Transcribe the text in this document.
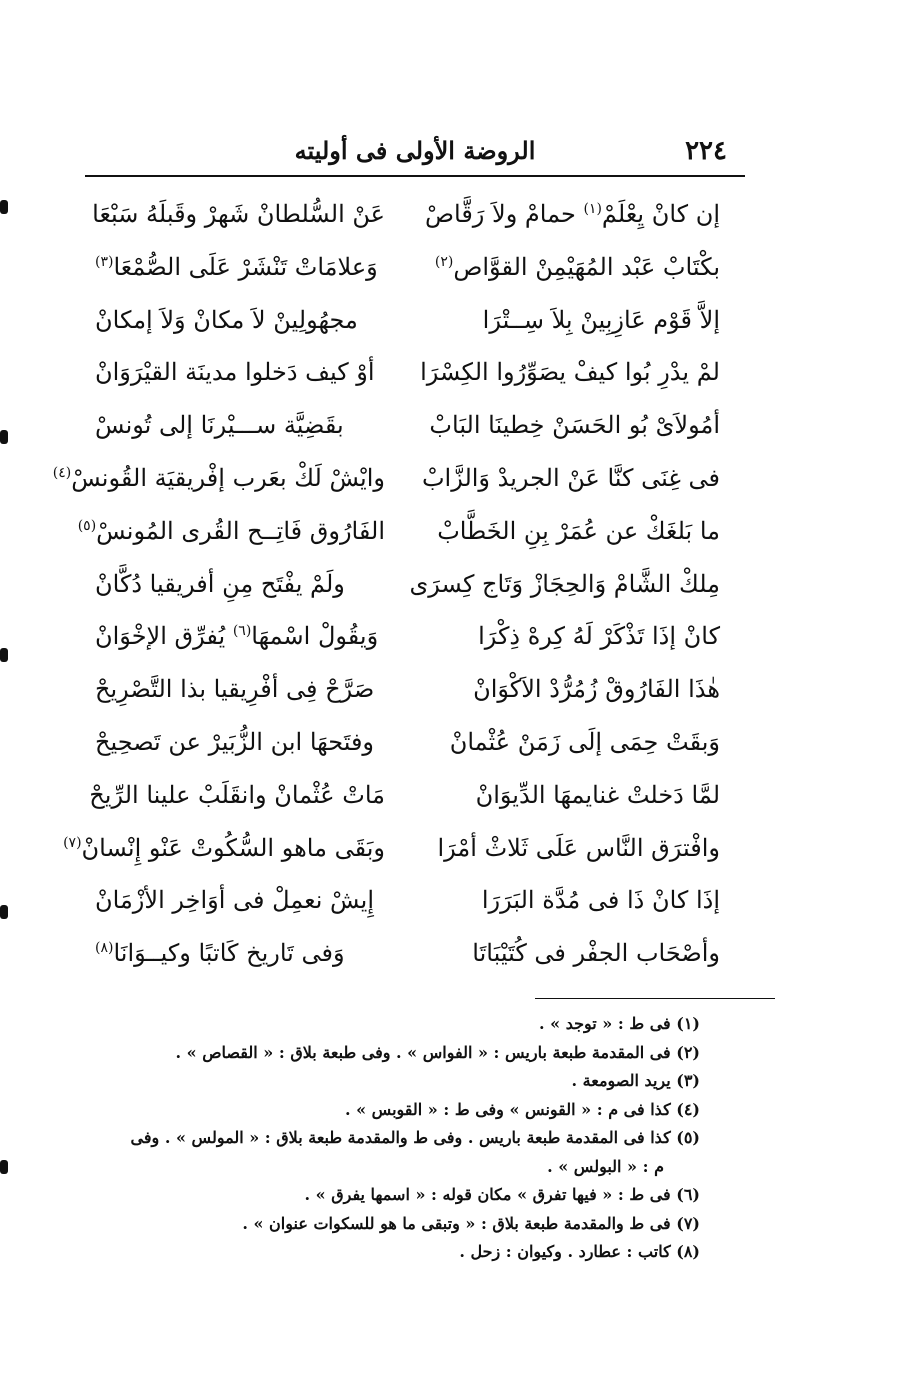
٢٢٤
الروضة الأولى فى أوليته
إن كانْ يِعْلَمْ$^{(١)}$ حمامْ ولاَ رَقَّاصْ
عَنْ السُّلطانْ شَهرْ وقَبلَهُ سَبْعَا
بكْتَابْ عَبْد المُهَيْمِنْ القوَّاص$^{(٢)}$
وَعلامَاتْ تَنْشَرْ عَلَى الصُّمْعَا$^{(٣)}$
إلاَّ قَوْم عَازِبِينْ بِلاَ سِــتْرَا
مجهُولِينْ لاَ مكانْ وَلاَ إمكانْ
لمْ يدْرِ بُوا كيفْ يصَوِّرُوا الكِسْرَا
أوْ كيف دَخلوا مدينَة القيْرَوَانْ
أمُولاَىْ بُو الحَسَنْ خِطينَا البَابْ
بقَضِيَّة ســـيْرنَا إلى تُونسْ
فى غِنَى كنَّا عَنْ الجريدْ وَالزَّابْ
وايْشْ لَكْ بعَرب إفْريقيَة القُونسْ$^{(٤)}$
ما بَلغَكْ عن عُمَرْ بِنِ الخَطَّابْ
الفَارُوق فَاتِــح القُرى المُونسْ$^{(٥)}$
مِلكْ الشَّامْ وَالحِجَازْ وَتَاج كِسرَى
ولَمْ يفْتَح مِنِ أفريقيا دُكَّانْ
كانْ إذَا تَذْكَرْ لَهُ كِرهْ ذِكْرَا
وَيقُولْ اسْمهَا$^{(٦)}$ يُفرِّق الإخْوَانْ
هٰذَا الفَارُوقْ زُمُرُّدْ الاَكْوَانْ
صَرَّحْ فِى أفْرِيقيا بذا التَّصْرِيحْ
وَبقَتْ حِمَى إلَى زَمَنْ عُثْمانْ
وفتَحهَا ابن الزُّبَيرْ عن تَصحِيحْ
لمَّا دَخلتْ غنايمهَا الدِّيوَانْ
مَاتْ عُثْمانْ وانقَلَبْ علينا الرِّيحْ
وافْترَق النَّاس عَلَى ثَلاثْ أمْرَا
وبَقَى ماهو السُّكُوتْ عَنْو إِنْسانْ$^{(٧)}$
إذَا كانْ ذَا فى مُدَّة البَرَرَا
إِيشْ نعمِلْ فى أوَاخِر الأزْمَانْ
وأصْحَاب الجفْر فى كُتَيْبَاتَا
وَفى تَاريخ كَاتبًا وكيــوَانَا$^{(٨)}$
(١) فى ط : « توجد » .
(٢) فى المقدمة طبعة باريس : « الفواس » . وفى طبعة بلاق : « القصاص » .
(٣) يريد الصومعة .
(٤) كذا فى م : « القونس » وفى ط : « القوبس » .
(٥) كذا فى المقدمة طبعة باريس . وفى ط والمقدمة طبعة بلاق : « المولس » . وفى
م : « البولس » .
(٦) فى ط : « فيها تفرق » مكان قوله : « اسمها يفرق » .
(٧) فى ط والمقدمة طبعة بلاق : « وتبقى ما هو للسكوات عنوان » .
(٨) كاتب : عطارد . وكيوان : زحل .
